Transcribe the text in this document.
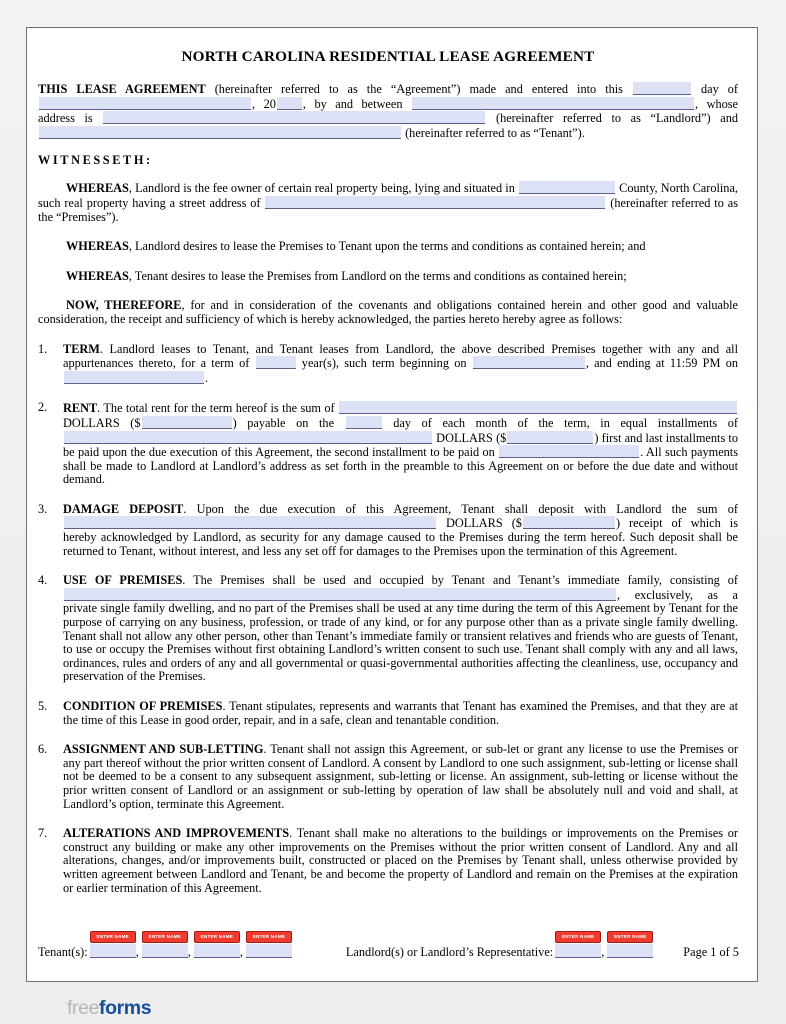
NORTH CAROLINA RESIDENTIAL LEASE AGREEMENT

THIS LEASE AGREEMENT (hereinafter referred to as the “Agreement”) made and entered into this	day of , 20 , by and between	, whose address is	(hereinafter referred to as “Landlord”) and  (hereinafter referred to as “Tenant”).

WITNESSETH:

WHEREAS, Landlord is the fee owner of certain real property being, lying and situated in	County, North Carolina, such real property having a street address of	(hereinafter referred to as the “Premises”).

WHEREAS, Landlord desires to lease the Premises to Tenant upon the terms and conditions as contained herein; and

WHEREAS, Tenant desires to lease the Premises from Landlord on the terms and conditions as contained herein;

NOW, THEREFORE, for and in consideration of the covenants and obligations contained herein and other good and valuable consideration, the receipt and sufficiency of which is hereby acknowledged, the parties hereto hereby agree as follows:

1.	TERM. Landlord leases to Tenant, and Tenant leases from Landlord, the above described Premises together with any and all appurtenances thereto, for a term of	year(s), such term beginning on	, and ending at 11:59 PM on .
2.	RENT. The total rent for the term hereof is the sum of  DOLLARS ($	) payable on the	day of each month of the term, in equal installments of  DOLLARS ($	) first and last installments to be paid upon the due execution of this Agreement, the second installment to be paid on	. All such payments shall be made to Landlord at Landlord’s address as set forth in the preamble to this Agreement on or before the due date and without demand.
3.	DAMAGE DEPOSIT. Upon the due execution of this Agreement, Tenant shall deposit with Landlord the sum of  DOLLARS ($	) receipt of which is hereby acknowledged by Landlord, as security for any damage caused to the Premises during the term hereof. Such deposit shall be returned to Tenant, without interest, and less any set off for damages to the Premises upon the termination of this Agreement.
4.	USE OF PREMISES. The Premises shall be used and occupied by Tenant and Tenant’s immediate family, consisting of , exclusively, as a private single family dwelling, and no part of the Premises shall be used at any time during the term of this Agreement by Tenant for the purpose of carrying on any business, profession, or trade of any kind, or for any purpose other than as a private single family dwelling. Tenant shall not allow any other person, other than Tenant’s immediate family or transient relatives and friends who are guests of Tenant, to use or occupy the Premises without first obtaining Landlord’s written consent to such use. Tenant shall comply with any and all laws, ordinances, rules and orders of any and all governmental or quasi-governmental authorities affecting the cleanliness, use, occupancy and preservation of the Premises.
5.	CONDITION OF PREMISES. Tenant stipulates, represents and warrants that Tenant has examined the Premises, and that they are at the time of this Lease in good order, repair, and in a safe, clean and tenantable condition.
6.	ASSIGNMENT AND SUB-LETTING. Tenant shall not assign this Agreement, or sub-let or grant any license to use the Premises or any part thereof without the prior written consent of Landlord. A consent by Landlord to one such assignment, sub-letting or license shall not be deemed to be a consent to any subsequent assignment, sub-letting or license. An assignment, sub-letting or license without the prior written consent of Landlord or an assignment or sub-letting by operation of law shall be absolutely null and void and shall, at Landlord’s option, terminate this Agreement.
7.	ALTERATIONS AND IMPROVEMENTS. Tenant shall make no alterations to the buildings or improvements on the Premises or construct any building or make any other improvements on the Premises without the prior written consent of Landlord. Any and all alterations, changes, and/or improvements built, constructed or placed on the Premises by Tenant shall, unless otherwise provided by written agreement between Landlord and Tenant, be and become the property of Landlord and remain on the Premises at the expiration or earlier termination of this Agreement.
Tenant(s):
ENTER NAME
,
ENTER NAME
,
ENTER NAME
,
ENTER NAME
Landlord(s) or Landlord’s Representative:
ENTER NAME
,
ENTER NAME
Page 1 of 5
freeforms
